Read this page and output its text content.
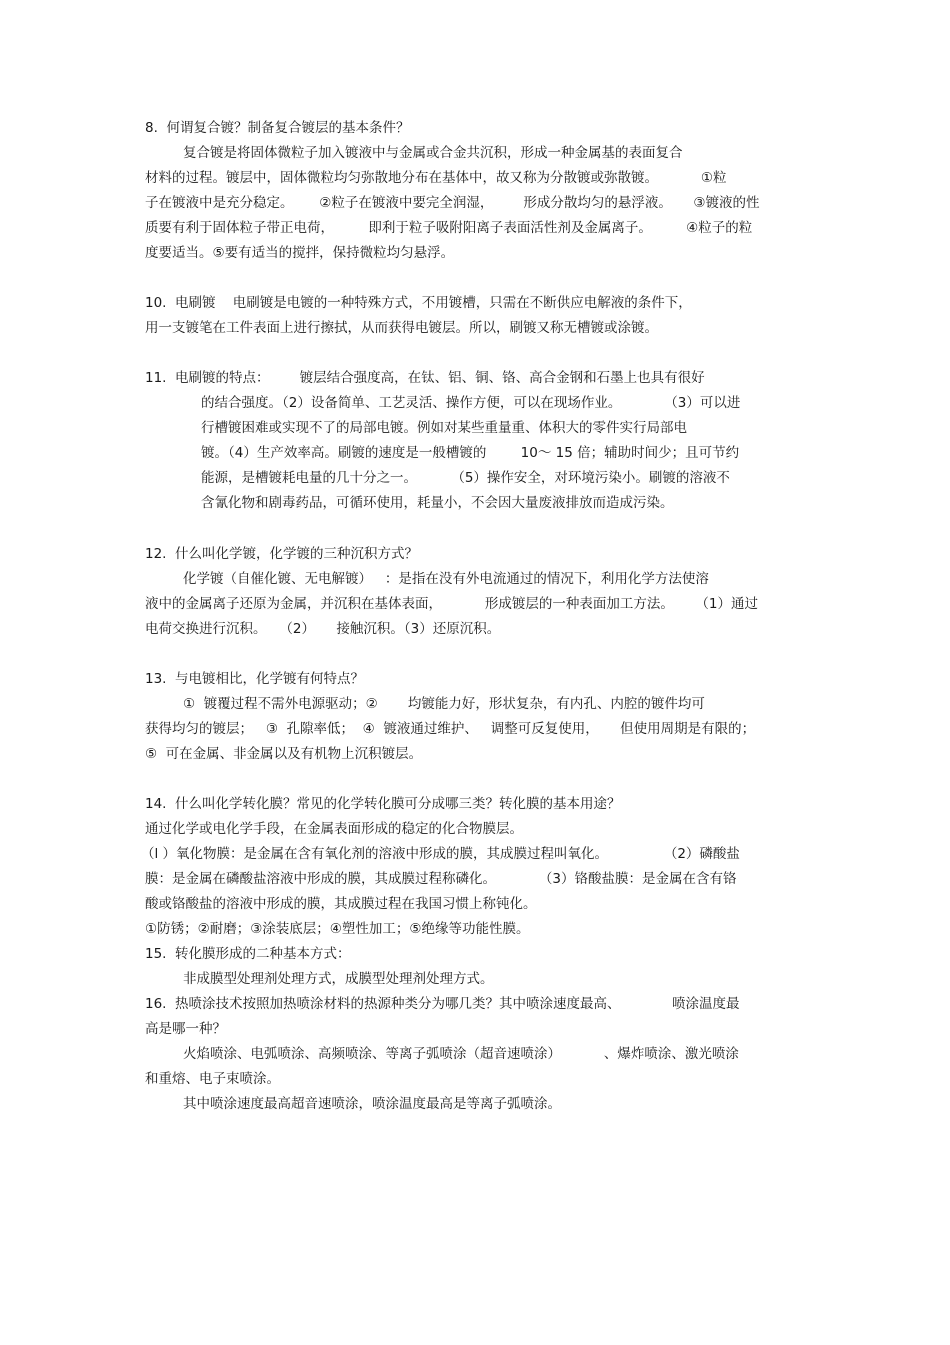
8.  何谓复合镀？制备复合镀层的基本条件？
复合镀是将固体微粒子加入镀液中与金属或合金共沉积，形成一种金属基的表面复合
材料的过程。镀层中，固体微粒均匀弥散地分布在基体中，故又称为分散镀或弥散镀。          ①粒
子在镀液中是充分稳定。      ②粒子在镀液中要完全润湿，       形成分散均匀的悬浮液。     ③镀液的性
质要有利于固体粒子带正电荷，        即利于粒子吸附阳离子表面活性剂及金属离子。        ④粒子的粒
度要适当。⑤要有适当的搅拌，保持微粒均匀悬浮。
10.  电刷镀    电刷镀是电镀的一种特殊方式，不用镀槽，只需在不断供应电解液的条件下，
用一支镀笔在工件表面上进行擦拭，从而获得电镀层。所以，刷镀又称无槽镀或涂镀。
11.  电刷镀的特点：       镀层结合强度高，在钛、铝、铜、铬、高合金钢和石墨上也具有很好
的结合强度。（2）设备简单、工艺灵活、操作方便，可以在现场作业。          （3）可以进
行槽镀困难或实现不了的局部电镀。例如对某些重量重、体积大的零件实行局部电
镀。（4）生产效率高。刷镀的速度是一般槽镀的        10～ 15 倍；辅助时间少；且可节约
能源，是槽镀耗电量的几十分之一。        （5）操作安全，对环境污染小。刷镀的溶液不
含氰化物和剧毒药品，可循环使用，耗量小，不会因大量废液排放而造成污染。
12.  什么叫化学镀，化学镀的三种沉积方式？
化学镀（自催化镀、无电解镀）   ：是指在没有外电流通过的情况下，利用化学方法使溶
液中的金属离子还原为金属，并沉积在基体表面，          形成镀层的一种表面加工方法。     （1）通过
电荷交换进行沉积。   （2）     接触沉积。（3）还原沉积。
13.  与电镀相比，化学镀有何特点？
①  镀覆过程不需外电源驱动；②       均镀能力好，形状复杂，有内孔、内腔的镀件均可
获得均匀的镀层；   ③  孔隙率低；  ④  镀液通过维护、   调整可反复使用，     但使用周期是有限的；
⑤  可在金属、非金属以及有机物上沉积镀层。
14.  什么叫化学转化膜？常见的化学转化膜可分成哪三类？转化膜的基本用途？
通过化学或电化学手段，在金属表面形成的稳定的化合物膜层。
（l ）氧化物膜：是金属在含有氧化剂的溶液中形成的膜，其成膜过程叫氧化。             （2）磷酸盐
膜：是金属在磷酸盐溶液中形成的膜，其成膜过程称磷化。          （3）铬酸盐膜：是金属在含有铬
酸或铬酸盐的溶液中形成的膜，其成膜过程在我国习惯上称钝化。
①防锈；②耐磨；③涂装底层；④塑性加工；⑤绝缘等功能性膜。
15.  转化膜形成的二种基本方式：
非成膜型处理剂处理方式，成膜型处理剂处理方式。
16.  热喷涂技术按照加热喷涂材料的热源种类分为哪几类？其中喷涂速度最高、            喷涂温度最
高是哪一种？
火焰喷涂、电弧喷涂、高频喷涂、等离子弧喷涂（超音速喷涂）          、爆炸喷涂、激光喷涂
和重熔、电子束喷涂。
其中喷涂速度最高超音速喷涂，喷涂温度最高是等离子弧喷涂。
